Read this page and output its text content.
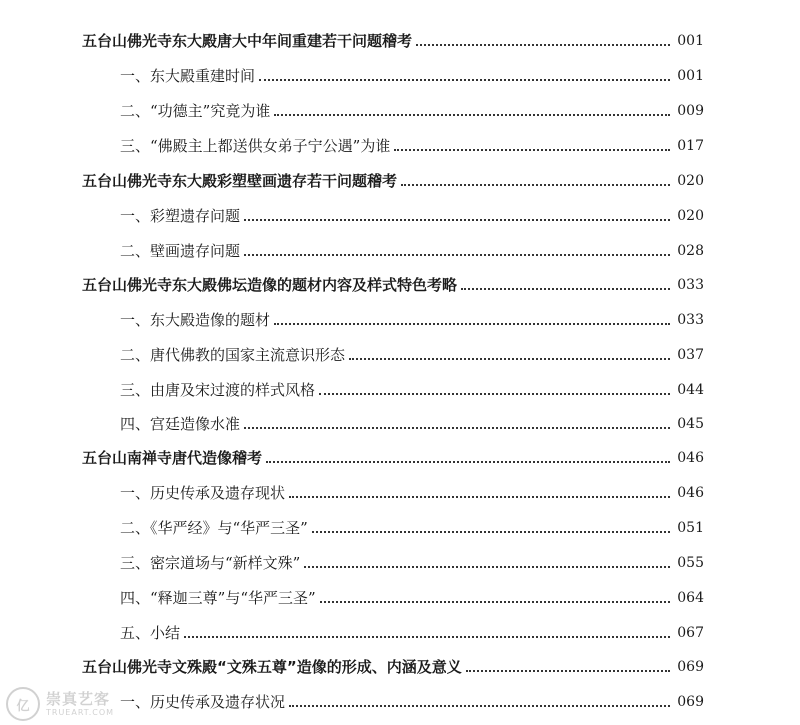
五台山佛光寺东大殿唐大中年间重建若干问题稽考	001
一、东大殿重建时间	001
二、“功德主”究竟为谁	009
三、“佛殿主上都送供女弟子宁公遇”为谁	017
五台山佛光寺东大殿彩塑壁画遗存若干问题稽考	020
一、彩塑遗存问题	020
二、壁画遗存问题	028
五台山佛光寺东大殿佛坛造像的题材内容及样式特色考略	033
一、东大殿造像的题材	033
二、唐代佛教的国家主流意识形态	037
三、由唐及宋过渡的样式风格	044
四、宫廷造像水准	045
五台山南禅寺唐代造像稽考	046
一、历史传承及遗存现状	046
二、《华严经》与“华严三圣”	051
三、密宗道场与“新样文殊”	055
四、“释迦三尊”与“华严三圣”	064
五、小结	067
五台山佛光寺文殊殿“文殊五尊”造像的形成、内涵及意义	069
一、历史传承及遗存状况	069
亿	崇真艺客
TRUEART.COM
